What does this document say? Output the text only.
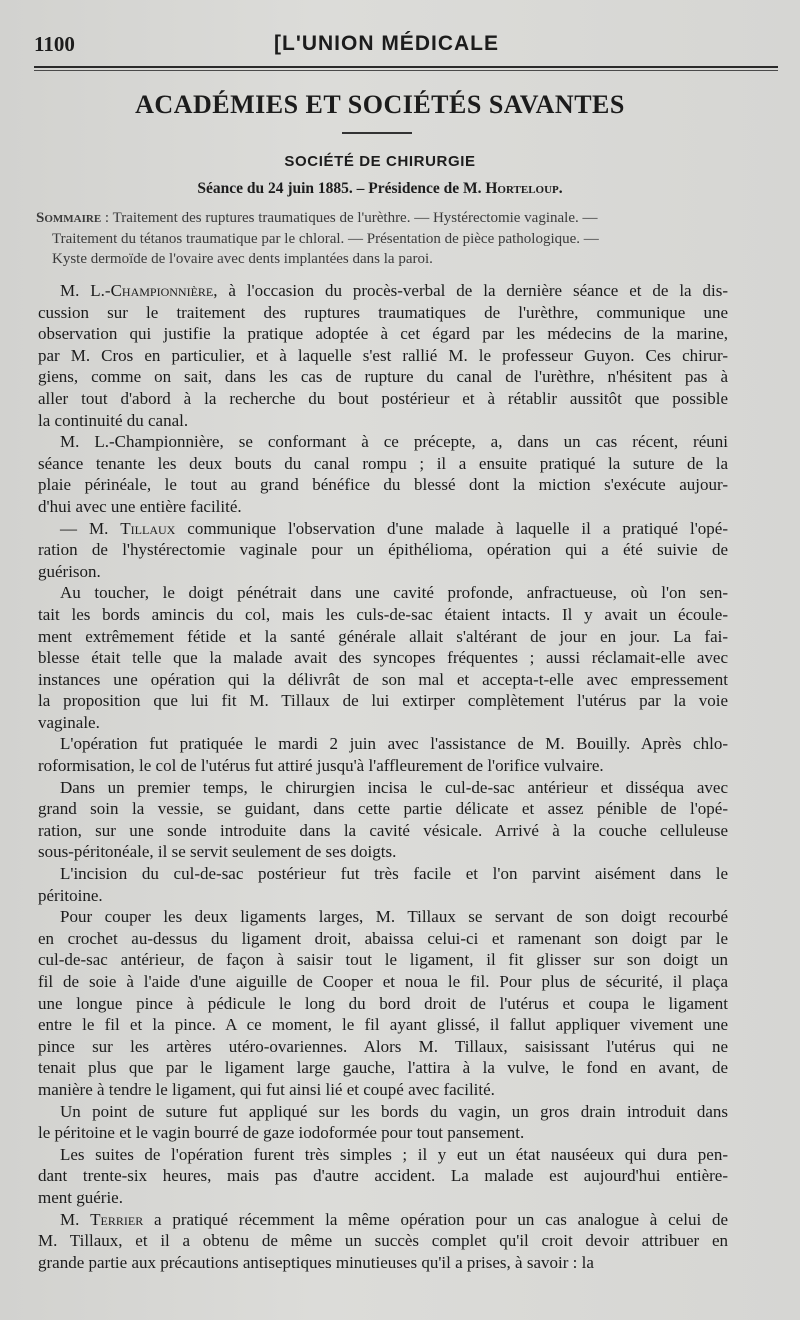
1100	[L'UNION MÉDICALE
ACADÉMIES ET SOCIÉTÉS SAVANTES
SOCIÉTÉ DE CHIRURGIE
Séance du 24 juin 1885. – Présidence de M. Horteloup.
Sommaire : Traitement des ruptures traumatiques de l'urèthre. — Hystérectomie vaginale. —
Traitement du tétanos traumatique par le chloral. — Présentation de pièce pathologique. —
Kyste dermoïde de l'ovaire avec dents implantées dans la paroi.

M. L.-Championnière, à l'occasion du procès-verbal de la dernière séance et de la dis-
cussion sur le traitement des ruptures traumatiques de l'urèthre, communique une
observation qui justifie la pratique adoptée à cet égard par les médecins de la marine,
par M. Cros en particulier, et à laquelle s'est rallié M. le professeur Guyon. Ces chirur-
giens, comme on sait, dans les cas de rupture du canal de l'urèthre, n'hésitent pas à
aller tout d'abord à la recherche du bout postérieur et à rétablir aussitôt que possible
la continuité du canal.

M. L.-Championnière, se conformant à ce précepte, a, dans un cas récent, réuni
séance tenante les deux bouts du canal rompu ; il a ensuite pratiqué la suture de la
plaie périnéale, le tout au grand bénéfice du blessé dont la miction s'exécute aujour-
d'hui avec une entière facilité.

— M. Tillaux communique l'observation d'une malade à laquelle il a pratiqué l'opé-
ration de l'hystérectomie vaginale pour un épithélioma, opération qui a été suivie de
guérison.

Au toucher, le doigt pénétrait dans une cavité profonde, anfractueuse, où l'on sen-
tait les bords amincis du col, mais les culs-de-sac étaient intacts. Il y avait un écoule-
ment extrêmement fétide et la santé générale allait s'altérant de jour en jour. La fai-
blesse était telle que la malade avait des syncopes fréquentes ; aussi réclamait-elle avec
instances une opération qui la délivrât de son mal et accepta-t-elle avec empressement
la proposition que lui fit M. Tillaux de lui extirper complètement l'utérus par la voie
vaginale.

L'opération fut pratiquée le mardi 2 juin avec l'assistance de M. Bouilly. Après chlo-
roformisation, le col de l'utérus fut attiré jusqu'à l'affleurement de l'orifice vulvaire.

Dans un premier temps, le chirurgien incisa le cul-de-sac antérieur et disséqua avec
grand soin la vessie, se guidant, dans cette partie délicate et assez pénible de l'opé-
ration, sur une sonde introduite dans la cavité vésicale. Arrivé à la couche celluleuse
sous-péritonéale, il se servit seulement de ses doigts.

L'incision du cul-de-sac postérieur fut très facile et l'on parvint aisément dans le
péritoine.

Pour couper les deux ligaments larges, M. Tillaux se servant de son doigt recourbé
en crochet au-dessus du ligament droit, abaissa celui-ci et ramenant son doigt par le
cul-de-sac antérieur, de façon à saisir tout le ligament, il fit glisser sur son doigt un
fil de soie à l'aide d'une aiguille de Cooper et noua le fil. Pour plus de sécurité, il plaça
une longue pince à pédicule le long du bord droit de l'utérus et coupa le ligament
entre le fil et la pince. A ce moment, le fil ayant glissé, il fallut appliquer vivement une
pince sur les artères utéro-ovariennes. Alors M. Tillaux, saisissant l'utérus qui ne
tenait plus que par le ligament large gauche, l'attira à la vulve, le fond en avant, de
manière à tendre le ligament, qui fut ainsi lié et coupé avec facilité.

Un point de suture fut appliqué sur les bords du vagin, un gros drain introduit dans
le péritoine et le vagin bourré de gaze iodoformée pour tout pansement.

Les suites de l'opération furent très simples ; il y eut un état nauséeux qui dura pen-
dant trente-six heures, mais pas d'autre accident. La malade est aujourd'hui entière-
ment guérie.

M. Terrier a pratiqué récemment la même opération pour un cas analogue à celui de
M. Tillaux, et il a obtenu de même un succès complet qu'il croit devoir attribuer en
grande partie aux précautions antiseptiques minutieuses qu'il a prises, à savoir : la
